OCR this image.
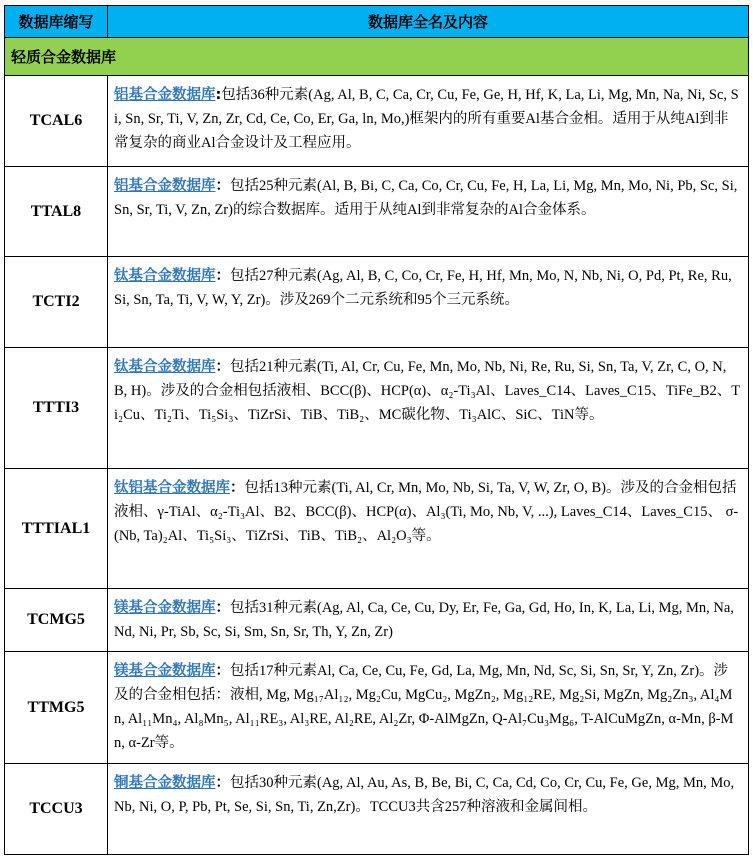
数据库缩写	数据库全名及内容
轻质合金数据库	
TCAL6	铝基合金数据库:包括36种元素(Ag, Al, B, C, Ca, Cr, Cu, Fe, Ge, H, Hf, K, La, Li, Mg, Mn, Na, Ni, Sc, Si, Sn, Sr, Ti, V, Zn, Zr, Cd, Ce, Co, Er, Ga, ln, Mo,)框架内的所有重要Al基合金相。适用于从纯Al到非常复杂的商业Al合金设计及工程应用。
TTAL8	铝基合金数据库：包括25种元素(Al, B, Bi, C, Ca, Co, Cr, Cu, Fe, H, La, Li, Mg, Mn, Mo, Ni, Pb, Sc, Si, Sn, Sr, Ti, V, Zn, Zr)的综合数据库。适用于从纯Al到非常复杂的Al合金体系。
TCTI2	钛基合金数据库：包括27种元素(Ag, Al, B, C, Co, Cr, Fe, H, Hf, Mn, Mo, N, Nb, Ni, O, Pd, Pt, Re, Ru, Si, Sn, Ta, Ti, V, W, Y, Zr)。涉及269个二元系统和95个三元系统。
TTTI3	钛基合金数据库：包括21种元素(Ti, Al, Cr, Cu, Fe, Mn, Mo, Nb, Ni, Re, Ru, Si, Sn, Ta, V, Zr, C, O, N, B, H)。涉及的合金相包括液相、BCC(β)、HCP(α)、α₂-Ti₃Al、Laves_C14、Laves_C15、TiFe_B2、Ti₂Cu、Ti₂Ti、Ti₅Si₃、TiZrSi、TiB、TiB₂、MC碳化物、Ti₃AlC、SiC、TiN等。
TTTIAL1	钛铝基合金数据库：包括13种元素(Ti, Al, Cr, Mn, Mo, Nb, Si, Ta, V, W, Zr, O, B)。涉及的合金相包括液相、γ-TiAl、α₂-Ti₃Al、B2、BCC(β)、HCP(α)、Al₃(Ti, Mo, Nb, V, ...), Laves_C14、Laves_C15、 σ-(Nb, Ta)₂Al、Ti₅Si₃、TiZrSi、TiB、TiB₂、Al₂O₃等。
TCMG5	镁基合金数据库：包括31种元素(Ag, Al, Ca, Ce, Cu, Dy, Er, Fe, Ga, Gd, Ho, In, K, La, Li, Mg, Mn, Na, Nd, Ni, Pr, Sb, Sc, Si, Sm, Sn, Sr, Th, Y, Zn, Zr)
TTMG5	镁基合金数据库：包括17种元素Al, Ca, Ce, Cu, Fe, Gd, La, Mg, Mn, Nd, Sc, Si, Sn, Sr, Y, Zn, Zr)。涉及的合金相包括：液相, Mg, Mg₁₇Al₁₂, Mg₂Cu, MgCu₂, MgZn₂, Mg₁₂RE, Mg₂Si, MgZn, Mg₂Zn₃, Al₄Mn, Al₁₁Mn₄, Al₈Mn₅, Al₁₁RE₃, Al₃RE, Al₂RE, Al₂Zr, Φ-AlMgZn, Q-Al₇Cu₃Mg₆, T-AlCuMgZn, α-Mn, β-Mn, α-Zr等。
TCCU3	铜基合金数据库：包括30种元素(Ag, Al, Au, As, B, Be, Bi, C, Ca, Cd, Co, Cr, Cu, Fe, Ge, Mg, Mn, Mo, Nb, Ni, O, P, Pb, Pt, Se, Si, Sn, Ti, Zn,Zr)。TCCU3共含257种溶液和金属间相。
